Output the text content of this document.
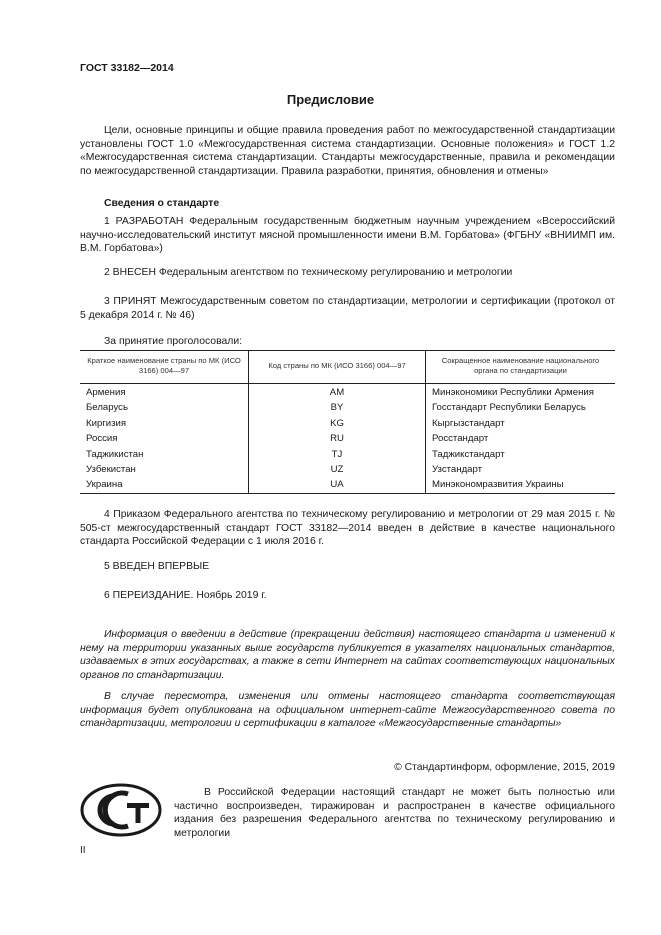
ГОСТ 33182—2014
Предисловие
Цели, основные принципы и общие правила проведения работ по межгосударственной стандартизации установлены ГОСТ 1.0 «Межгосударственная система стандартизации. Основные положения» и ГОСТ 1.2 «Межгосударственная система стандартизации. Стандарты межгосударственные, правила и рекомендации по межгосударственной стандартизации. Правила разработки, принятия, обновления и отмены»
Сведения о стандарте
1 РАЗРАБОТАН Федеральным государственным бюджетным научным учреждением «Всероссийский научно-исследовательский институт мясной промышленности имени В.М. Горбатова» (ФГБНУ «ВНИИМП им. В.М. Горбатова»)
2 ВНЕСЕН Федеральным агентством по техническому регулированию и метрологии
3 ПРИНЯТ Межгосударственным советом по стандартизации, метрологии и сертификации (протокол от 5 декабря 2014 г. № 46)
За принятие проголосовали:
Краткое наименование страны по МК (ИСО 3166) 004—97	Код страны по МК (ИСО 3166) 004—97	Сокращенное наименование национального органа по стандартизации
Армения	AM	Минэкономики Республики Армения
Беларусь	BY	Госстандарт Республики Беларусь
Киргизия	KG	Кыргызстандарт
Россия	RU	Росстандарт
Таджикистан	TJ	Таджикстандарт
Узбекистан	UZ	Узстандарт
Украина	UA	Минэкономразвития Украины
4 Приказом Федерального агентства по техническому регулированию и метрологии от 29 мая 2015 г. № 505-ст межгосударственный стандарт ГОСТ 33182—2014 введен в действие в качестве национального стандарта Российской Федерации с 1 июля 2016 г.
5 ВВЕДЕН ВПЕРВЫЕ
6 ПЕРЕИЗДАНИЕ. Ноябрь 2019 г.
Информация о введении в действие (прекращении действия) настоящего стандарта и изменений к нему на территории указанных выше государств публикуется в указателях национальных стандартов, издаваемых в этих государствах, а также в сети Интернет на сайтах соответствующих национальных органов по стандартизации.
В случае пересмотра, изменения или отмены настоящего стандарта соответствующая информация будет опубликована на официальном интернет-сайте Межгосударственного совета по стандартизации, метрологии и сертификации в каталоге «Межгосударственные стандарты»
© Стандартинформ, оформление, 2015, 2019
В Российской Федерации настоящий стандарт не может быть полностью или частично воспроизведен, тиражирован и распространен в качестве официального издания без разрешения Федерального агентства по техническому регулированию и метрологии
II
